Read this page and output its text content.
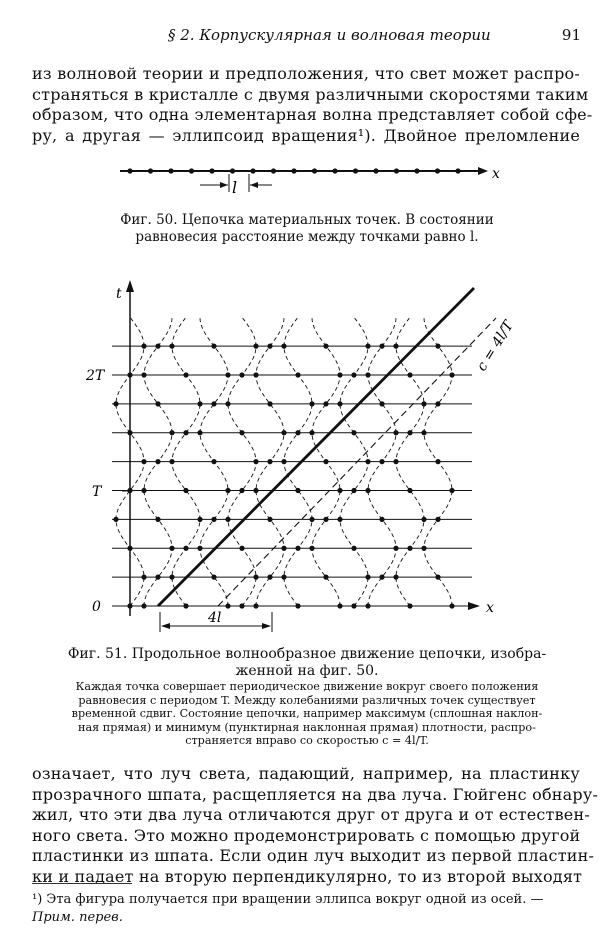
§ 2. Корпускулярная и волновая теории	91
из волновой теории и предположения, что свет может распро-
страняться в кристалле с двумя различными скоростями таким
образом, что одна элементарная волна представляет собой сфе-
ру, а другая — эллипсоид вращения¹). Двойное преломление
x
l
Фиг. 50. Цепочка материальных точек. В состоянии
равновесия расстояние между точками равно l.
t
x
0
T
2T
4l
c = 4l/T
Фиг. 51. Продольное волнообразное движение цепочки, изобра-
женной на фиг. 50.
Каждая точка совершает периодическое движение вокруг своего положения
равновесия с периодом T. Между колебаниями различных точек существует
временной сдвиг. Состояние цепочки, например максимум (сплошная наклон-
ная прямая) и минимум (пунктирная наклонная прямая) плотности, распро-
страняется вправо со скоростью c = 4l/T.
означает, что луч света, падающий, например, на пластинку
прозрачного шпата, расщепляется на два луча. Гюйгенс обнару-
жил, что эти два луча отличаются друг от друга и от естествен-
ного света. Это можно продемонстрировать с помощью другой
пластинки из шпата. Если один луч выходит из первой пластин-
ки и падает на вторую перпендикулярно, то из второй выходят
¹) Эта фигура получается при вращении эллипса вокруг одной из осей. —
Прим. перев.
